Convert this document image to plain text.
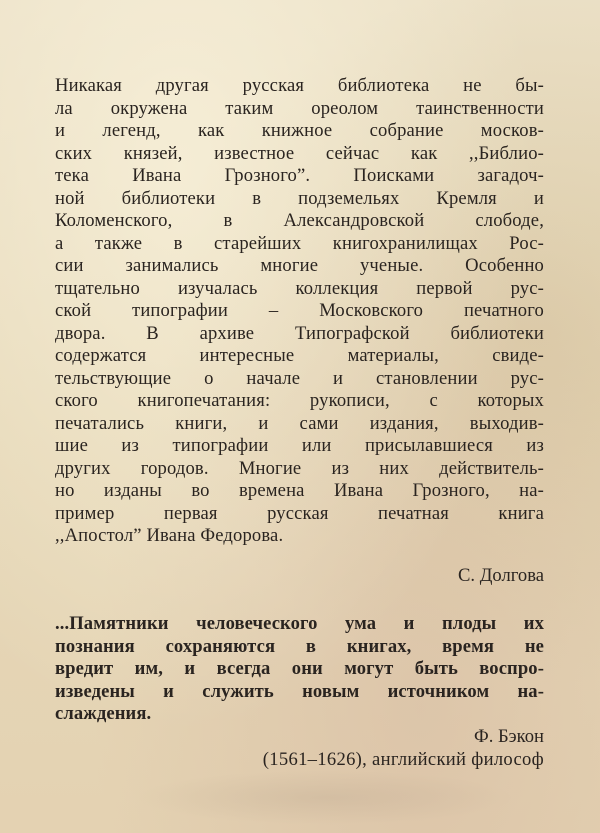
Никакая другая русская библиотека не бы-
ла окружена таким ореолом таинственности
и легенд, как книжное собрание москов-
ских князей, известное сейчас как ,,Библио-
тека Ивана Грозного”. Поисками загадоч-
ной библиотеки в подземельях Кремля и
Коломенского, в Александровской слободе,
а также в старейших книгохранилищах Рос-
сии занимались многие ученые. Особенно
тщательно изучалась коллекция первой рус-
ской типографии – Московского печатного
двора. В архиве Типографской библиотеки
содержатся интересные материалы, свиде-
тельствующие о начале и становлении рус-
ского книгопечатания: рукописи, с которых
печатались книги, и сами издания, выходив-
шие из типографии или присылавшиеся из
других городов. Многие из них действитель-
но изданы во времена Ивана Грозного, на-
пример первая русская печатная книга
,,Апостол” Ивана Федорова.
С. Долгова
...Памятники человеческого ума и плоды их
познания сохраняются в книгах, время не
вредит им, и всегда они могут быть воспро-
изведены и служить новым источником на-
слаждения.
Ф. Бэкон
(1561–1626), английский философ
